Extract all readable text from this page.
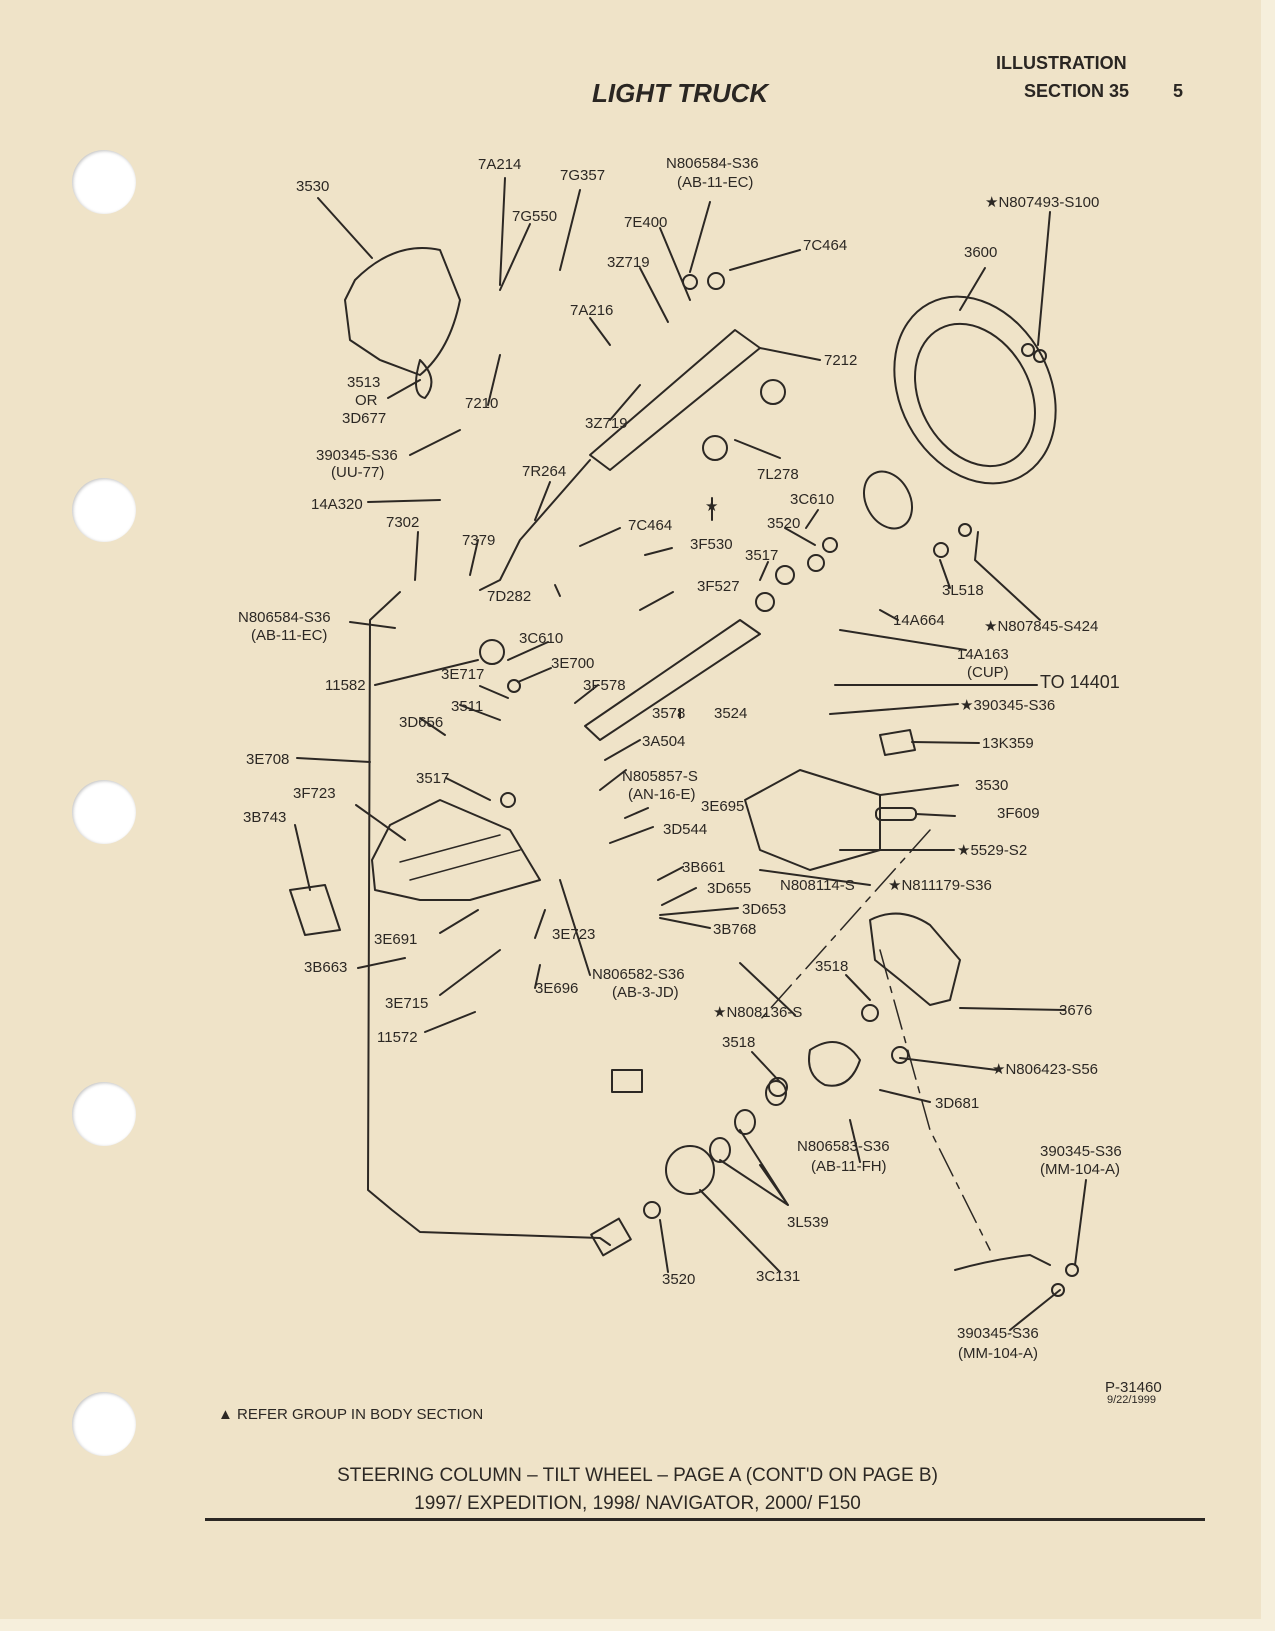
LIGHT TRUCK
ILLUSTRATION
SECTION 35 5
3530
7A214
7G357
N806584-S36
(AB-11-EC)
7G550	7E400
7C464
3Z719
★N807493-S100
3600
7A216
7212
3513
OR
3D677
7210
3Z719
390345-S36
(UU-77)	7L278
7R264
★
14A320	3C610
7302	3520
7C464
7379	3F530
3517
3L518
3F527
7D282
14A664
N806584-S36
(AB-11-EC)
★N807845-S424
3C610
14A163
(CUP)
3E700
TO 14401
11582
3E717
3F578
★390345-S36
3511	3578 3524
3D656
13K359
3A504
3E708
N805857-S
(AN-16-E)
3530
3517
3F723
3E695	3F609
3B743
3D544
★5529-S2
3B661
N808114-S ★N811179-S36
3D655
3D653
3B768
3E691	3E723
3B663	N806582-S36
(AB-3-JD)
3518
3E696
3E715
★N808136-S	3676
11572	3518
★N806423-S56
3D681
N806583-S36
(AB-11-FH)
390345-S36
(MM-104-A)
3L539
3520	3C131
390345-S36
(MM-104-A)
P-31460
9/22/1999
▲ REFER GROUP IN BODY SECTION
STEERING COLUMN – TILT WHEEL – PAGE A (CONT'D ON PAGE B)
1997/ EXPEDITION, 1998/ NAVIGATOR, 2000/ F150
